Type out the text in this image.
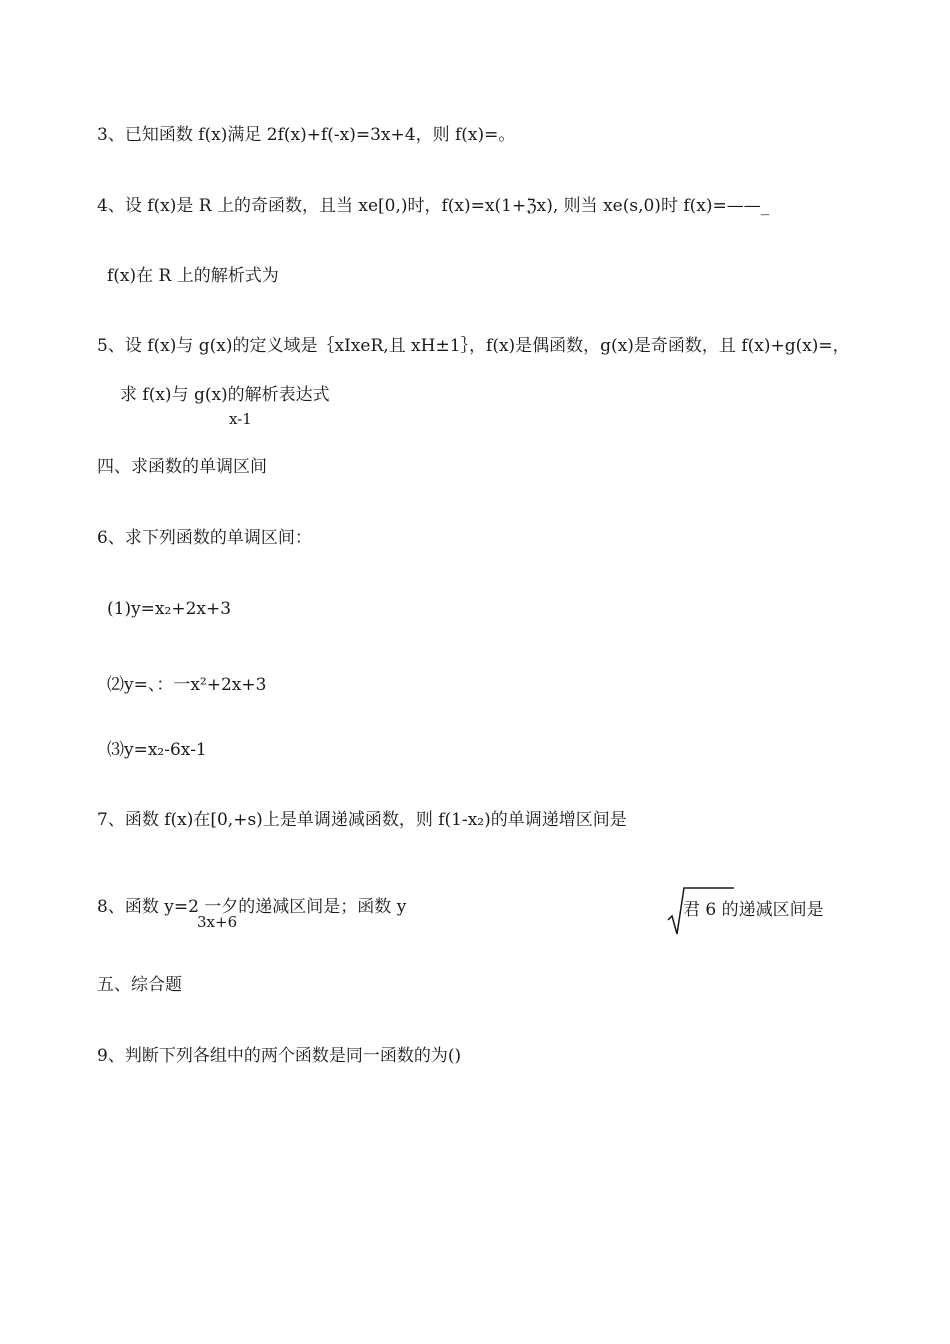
3、已知函数 f(x)满足 2f(x)+f(-x)=3x+4，则 f(x)=。
4、设 f(x)是 R 上的奇函数，且当 xe[0,)时，f(x)=x(1+ℨx), 则当 xe(s,0)时 f(x)=——_
f(x)在 R 上的解析式为
5、设 f(x)与 g(x)的定义域是｛xIxeR,且 xH±1｝，f(x)是偶函数，g(x)是奇函数，且 f(x)+g(x)=，
求 f(x)与 g(x)的解析表达式
x-1
四、求函数的单调区间
6、求下列函数的单调区间：
(1)y=x₂+2x+3
⑵y=、：一x²+2x+3
⑶y=x₂-6x-1
7、函数 f(x)在[0,+s)上是单调递减函数，则 f(1-x₂)的单调递增区间是
8、函数 y=2 一夕的递减区间是；函数 y
3x+6
君 6 的递减区间是
五、综合题
9、判断下列各组中的两个函数是同一函数的为()
